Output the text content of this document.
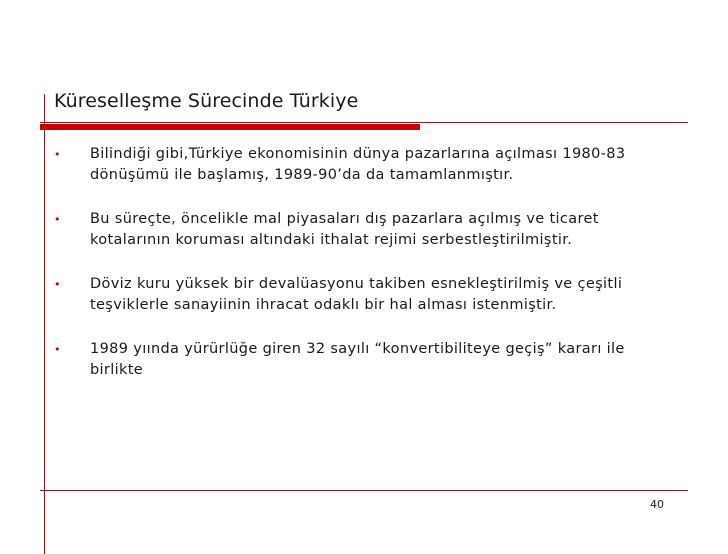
Küreselleşme Sürecinde Türkiye
• Bilindiği gibi,Türkiye ekonomisinin dünya pazarlarına açılması 1980-83 dönüşümü ile başlamış, 1989-90’da da tamamlanmıştır.
• Bu süreçte, öncelikle mal piyasaları dış pazarlara açılmış ve ticaret kotalarının koruması altındaki ithalat rejimi serbestleştirilmiştir.
• Döviz kuru yüksek bir devalüasyonu takiben esnekleştirilmiş ve çeşitli teşviklerle sanayiinin ihracat odaklı bir hal alması istenmiştir.
• 1989 yıında yürürlüğe giren 32 sayılı “konvertibiliteye geçiş” kararı ile birlikte
40
